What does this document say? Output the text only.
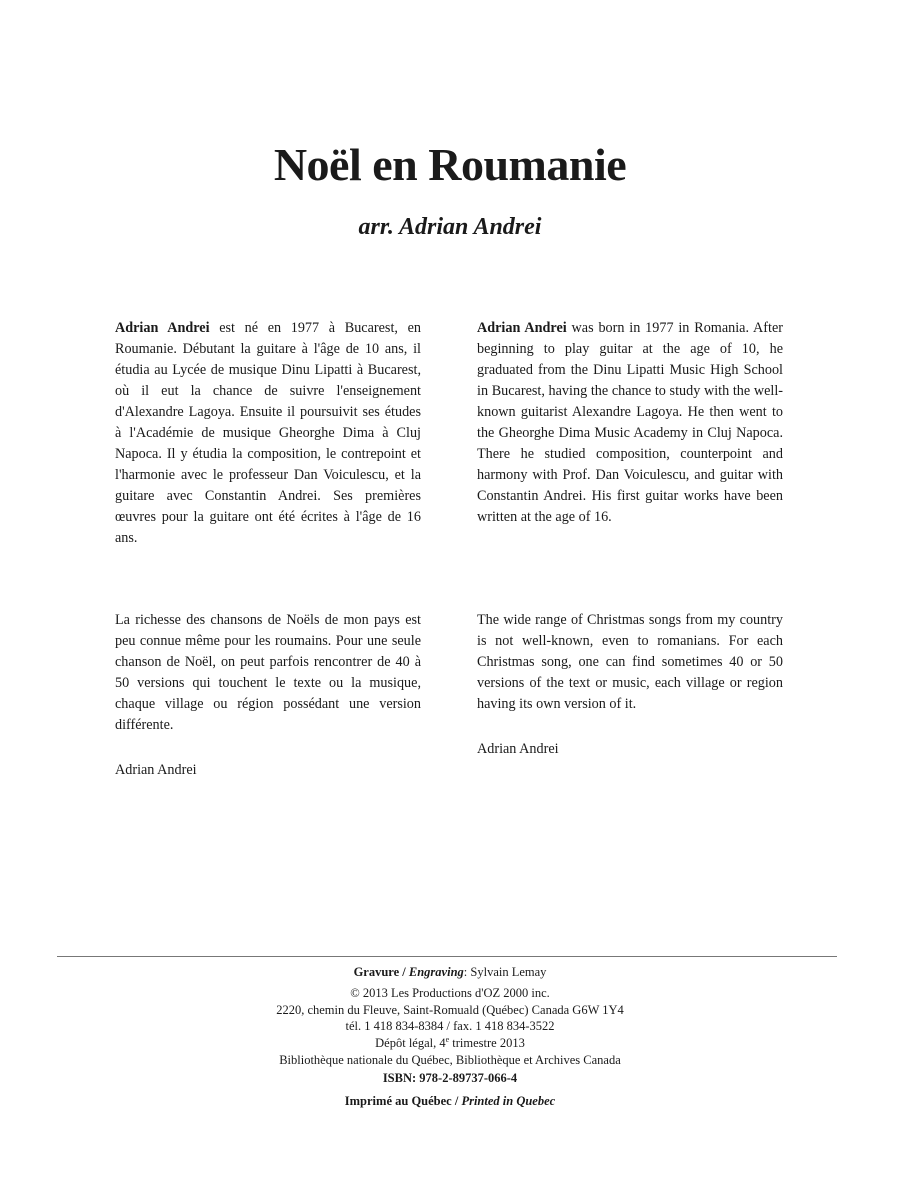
Noël en Roumanie
arr. Adrian Andrei

Adrian Andrei est né en 1977 à Bucarest, en Roumanie. Débutant la guitare à l'âge de 10 ans, il étudia au Lycée de musique Dinu Lipatti à Bucarest, où il eut la chance de suivre l'enseignement d'Alexandre Lagoya. Ensuite il poursuivit ses études à l'Académie de musique Gheorghe Dima à Cluj Napoca. Il y étudia la composition, le contrepoint et l'harmonie avec le professeur Dan Voiculescu, et la guitare avec Constantin Andrei. Ses premières œuvres pour la guitare ont été écrites à l'âge de 16 ans.

Adrian Andrei was born in 1977 in Romania. After beginning to play guitar at the age of 10, he graduated from the Dinu Lipatti Music High School in Bucarest, having the chance to study with the well-known guitarist Alexandre Lagoya. He then went to the Gheorghe Dima Music Academy in Cluj Napoca. There he studied composition, counterpoint and harmony with Prof. Dan Voiculescu, and guitar with Constantin Andrei. His first guitar works have been written at the age of 16.

La richesse des chansons de Noëls de mon pays est peu connue même pour les roumains. Pour une seule chanson de Noël, on peut parfois rencontrer de 40 à 50 versions qui touchent le texte ou la musique, chaque village ou région possédant une version différente.

Adrian Andrei

The wide range of Christmas songs from my country is not well-known, even to romanians. For each Christmas song, one can find sometimes 40 or 50 versions of the text or music, each village or region having its own version of it.

Adrian Andrei
Gravure / Engraving: Sylvain Lemay
© 2013 Les Productions d'OZ 2000 inc.
2220, chemin du Fleuve, Saint-Romuald (Québec) Canada G6W 1Y4
tél. 1 418 834-8384 / fax. 1 418 834-3522
Dépôt légal, 4e trimestre 2013
Bibliothèque nationale du Québec, Bibliothèque et Archives Canada
ISBN: 978-2-89737-066-4
Imprimé au Québec / Printed in Quebec
